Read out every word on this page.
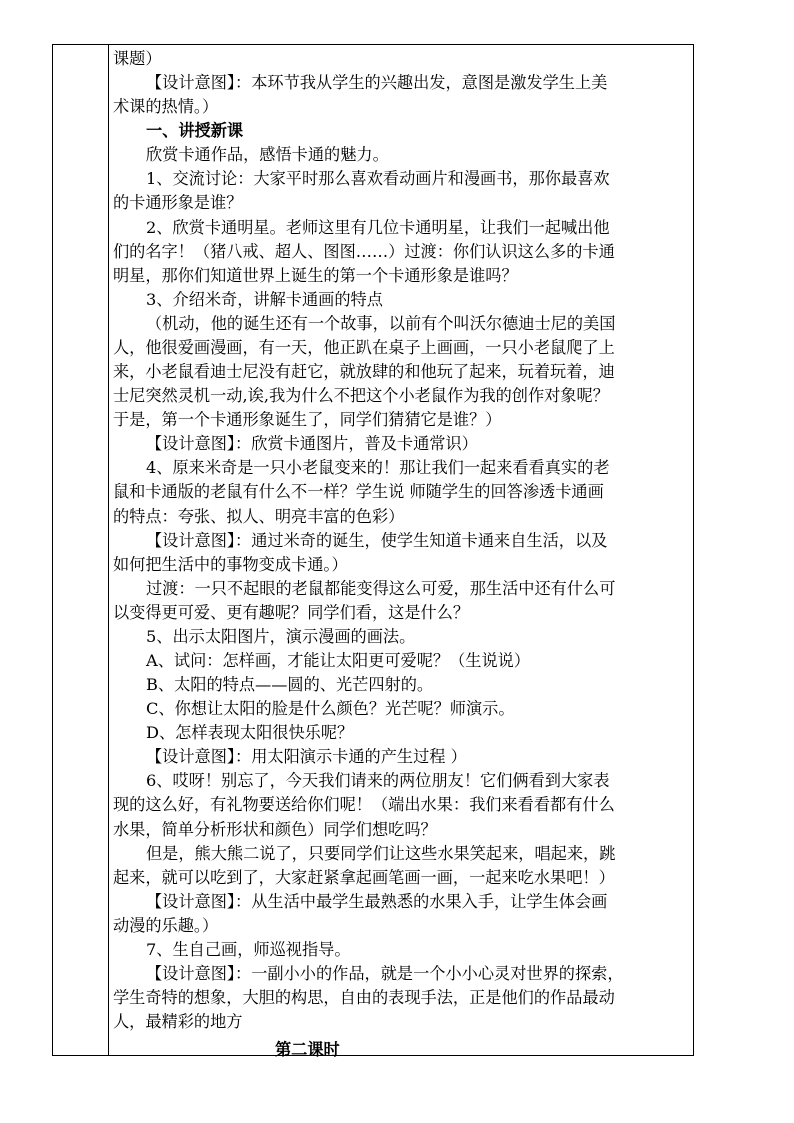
第二课时
课题）
【设计意图】：本环节我从学生的兴趣出发，意图是激发学生上美
术课的热情。）
一、讲授新课
欣赏卡通作品，感悟卡通的魅力。
1、交流讨论：大家平时那么喜欢看动画片和漫画书，那你最喜欢
的卡通形象是谁？
2、欣赏卡通明星。老师这里有几位卡通明星，让我们一起喊出他
们的名字！（猪八戒、超人、图图……）过渡：你们认识这么多的卡通
明星，那你们知道世界上诞生的第一个卡通形象是谁吗？
3、介绍米奇，讲解卡通画的特点
（机动，他的诞生还有一个故事，以前有个叫沃尔德迪士尼的美国
人，他很爱画漫画，有一天，他正趴在桌子上画画，一只小老鼠爬了上
来，小老鼠看迪士尼没有赶它，就放肆的和他玩了起来，玩着玩着，迪
士尼突然灵机一动,诶,我为什么不把这个小老鼠作为我的创作对象呢？
于是，第一个卡通形象诞生了，同学们猜猜它是谁？）
【设计意图】：欣赏卡通图片，普及卡通常识）
4、原来米奇是一只小老鼠变来的！那让我们一起来看看真实的老
鼠和卡通版的老鼠有什么不一样？学生说 师随学生的回答渗透卡通画
的特点：夸张、拟人、明亮丰富的色彩）
【设计意图】：通过米奇的诞生，使学生知道卡通来自生活，以及
如何把生活中的事物变成卡通。）
过渡：一只不起眼的老鼠都能变得这么可爱，那生活中还有什么可
以变得更可爱、更有趣呢？同学们看，这是什么？
5、出示太阳图片，演示漫画的画法。
A、试问：怎样画，才能让太阳更可爱呢？（生说说）
B、太阳的特点——圆的、光芒四射的。
C、你想让太阳的脸是什么颜色？光芒呢？师演示。
D、怎样表现太阳很快乐呢？
【设计意图】：用太阳演示卡通的产生过程 ）
6、哎呀！别忘了，今天我们请来的两位朋友！它们俩看到大家表
现的这么好，有礼物要送给你们呢！（端出水果：我们来看看都有什么
水果，简单分析形状和颜色）同学们想吃吗？
但是，熊大熊二说了，只要同学们让这些水果笑起来，唱起来，跳
起来，就可以吃到了，大家赶紧拿起画笔画一画，一起来吃水果吧！）
【设计意图】：从生活中最学生最熟悉的水果入手，让学生体会画
动漫的乐趣。）
7、生自己画，师巡视指导。
【设计意图】：一副小小的作品，就是一个小小心灵对世界的探索，
学生奇特的想象，大胆的构思，自由的表现手法，正是他们的作品最动
人，最精彩的地方
